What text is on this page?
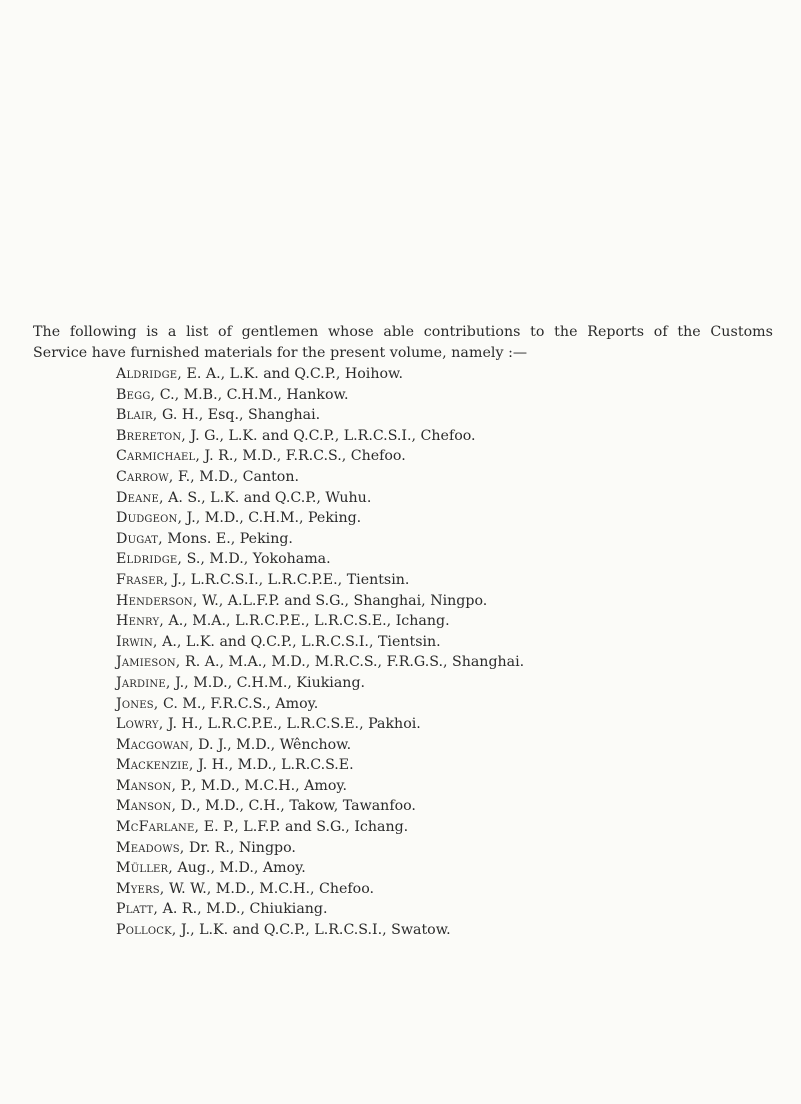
The following is a list of gentlemen whose able contributions to the Reports of the Customs
Service have furnished materials for the present volume, namely :—
Aldridge, E. A., L.K. and Q.C.P., Hoihow.
Begg, C., M.B., C.H.M., Hankow.
Blair, G. H., Esq., Shanghai.
Brereton, J. G., L.K. and Q.C.P., L.R.C.S.I., Chefoo.
Carmichael, J. R., M.D., F.R.C.S., Chefoo.
Carrow, F., M.D., Canton.
Deane, A. S., L.K. and Q.C.P., Wuhu.
Dudgeon, J., M.D., C.H.M., Peking.
Dugat, Mons. E., Peking.
Eldridge, S., M.D., Yokohama.
Fraser, J., L.R.C.S.I., L.R.C.P.E., Tientsin.
Henderson, W., A.L.F.P. and S.G., Shanghai, Ningpo.
Henry, A., M.A., L.R.C.P.E., L.R.C.S.E., Ichang.
Irwin, A., L.K. and Q.C.P., L.R.C.S.I., Tientsin.
Jamieson, R. A., M.A., M.D., M.R.C.S., F.R.G.S., Shanghai.
Jardine, J., M.D., C.H.M., Kiukiang.
Jones, C. M., F.R.C.S., Amoy.
Lowry, J. H., L.R.C.P.E., L.R.C.S.E., Pakhoi.
Macgowan, D. J., M.D., Wênchow.
Mackenzie, J. H., M.D., L.R.C.S.E.
Manson, P., M.D., M.C.H., Amoy.
Manson, D., M.D., C.H., Takow, Tawanfoo.
McFarlane, E. P., L.F.P. and S.G., Ichang.
Meadows, Dr. R., Ningpo.
Müller, Aug., M.D., Amoy.
Myers, W. W., M.D., M.C.H., Chefoo.
Platt, A. R., M.D., Chiukiang.
Pollock, J., L.K. and Q.C.P., L.R.C.S.I., Swatow.
